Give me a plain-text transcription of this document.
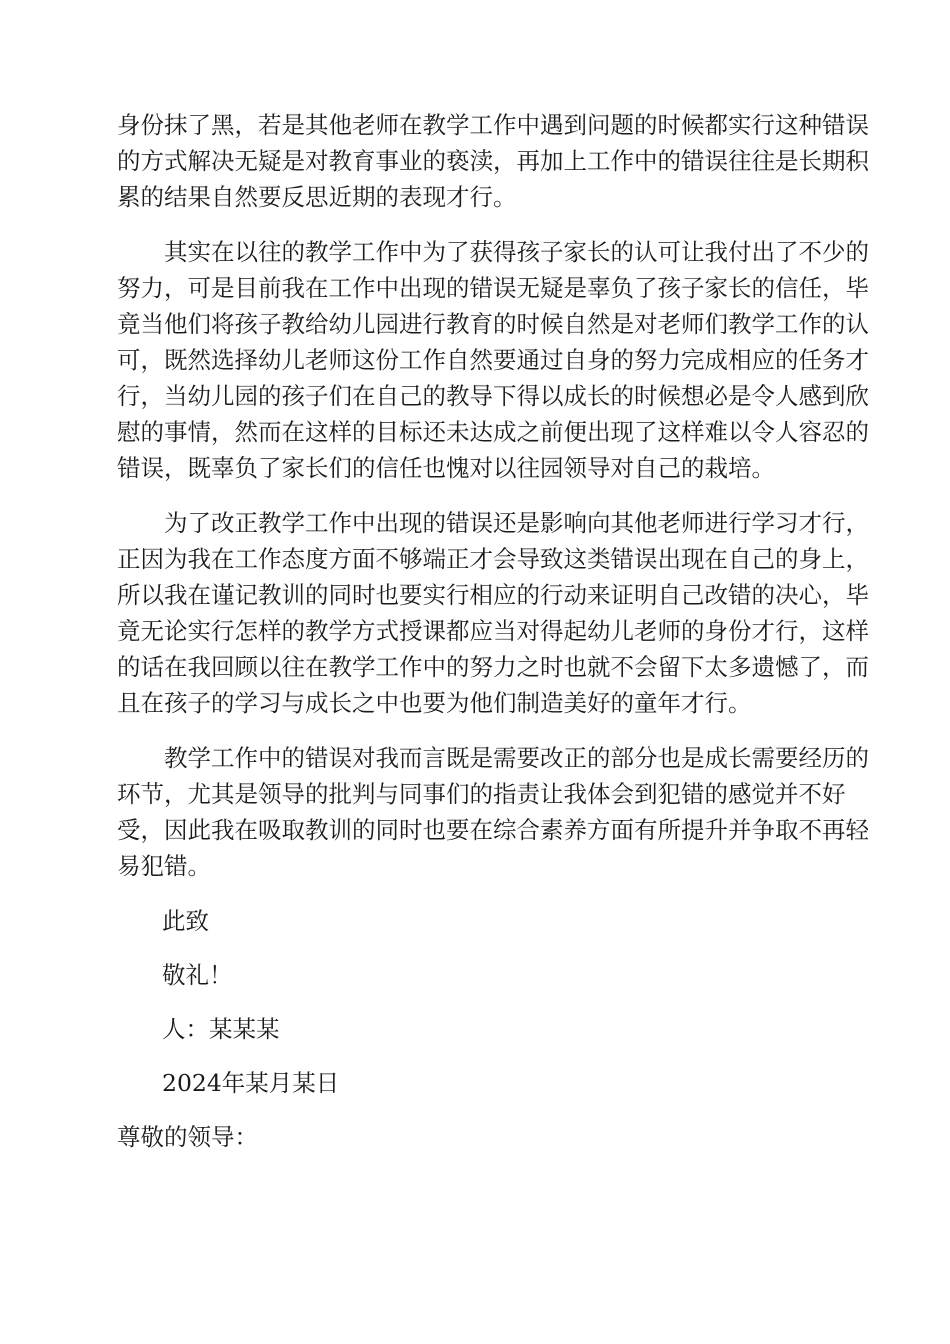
身份抹了黑，若是其他老师在教学工作中遇到问题的时候都实行这种错误
的方式解决无疑是对教育事业的亵渎，再加上工作中的错误往往是长期积
累的结果自然要反思近期的表现才行。
其实在以往的教学工作中为了获得孩子家长的认可让我付出了不少的
努力，可是目前我在工作中出现的错误无疑是辜负了孩子家长的信任，毕
竟当他们将孩子教给幼儿园进行教育的时候自然是对老师们教学工作的认
可，既然选择幼儿老师这份工作自然要通过自身的努力完成相应的任务才
行，当幼儿园的孩子们在自己的教导下得以成长的时候想必是令人感到欣
慰的事情，然而在这样的目标还未达成之前便出现了这样难以令人容忍的
错误，既辜负了家长们的信任也愧对以往园领导对自己的栽培。
为了改正教学工作中出现的错误还是影响向其他老师进行学习才行，
正因为我在工作态度方面不够端正才会导致这类错误出现在自己的身上，
所以我在谨记教训的同时也要实行相应的行动来证明自己改错的决心，毕
竟无论实行怎样的教学方式授课都应当对得起幼儿老师的身份才行，这样
的话在我回顾以往在教学工作中的努力之时也就不会留下太多遗憾了，而
且在孩子的学习与成长之中也要为他们制造美好的童年才行。
教学工作中的错误对我而言既是需要改正的部分也是成长需要经历的
环节，尤其是领导的批判与同事们的指责让我体会到犯错的感觉并不好
受，因此我在吸取教训的同时也要在综合素养方面有所提升并争取不再轻
易犯错。
此致
敬礼！
人：某某某
2024年某月某日
尊敬的领导：
